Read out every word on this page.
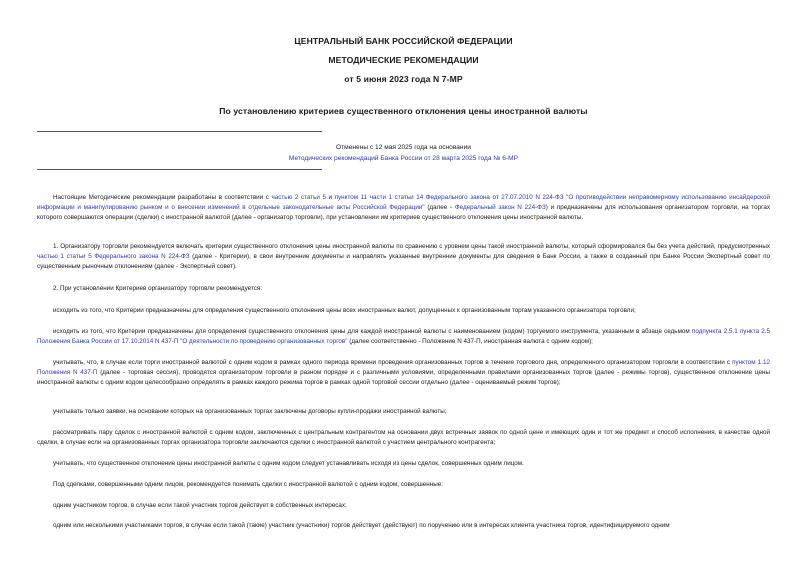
ЦЕНТРАЛЬНЫЙ БАНК РОССИЙСКОЙ ФЕДЕРАЦИИ
МЕТОДИЧЕСКИЕ РЕКОМЕНДАЦИИ
от 5 июня 2023 года N 7-МР
По установлению критериев существенного отклонения цены иностранной валюты
Отменены с 12 мая 2025 года на основании
Методических рекомендаций Банка России от 28 марта 2025 года № 6-МР

Настоящие Методические рекомендации разработаны в соответствии с частью 2 статьи 5 и пунктом 11 части 1 статьи 14 Федерального закона от 27.07.2010 N 224-ФЗ "О противодействии неправомерному использованию инсайдерской информации и манипулированию рынком и о внесении изменений в отдельные законодательные акты Российской Федерации" (далее - Федеральный закон N 224-ФЗ) и предназначены для использования организатором торговли, на торгах которого совершаются операции (сделки) с иностранной валютой (далее - организатор торговли), при установлении им критериев существенного отклонения цены иностранной валюты.

1. Организатору торговли рекомендуется включать критерии существенного отклонения цены иностранной валюты по сравнению с уровнем цены такой иностранной валюты, который сформировался бы без учета действий, предусмотренных частью 1 статьи 5 Федерального закона N 224-ФЗ (далее - Критерии), в свои внутренние документы и направлять указанные внутренние документы для сведения в Банк России, а также в созданный при Банке России Экспертный совет по существенным рыночным отклонениям (далее - Экспертный совет).

2. При установлении Критериев организатору торговли рекомендуется:

исходить из того, что Критерии предназначены для определения существенного отклонения цены всех иностранных валют, допущенных к организованным торгам указанного организатора торговли;

исходить из того, что Критерии предназначены для определения существенного отклонения цены для каждой иностранной валюты с наименованием (кодом) торгуемого инструмента, указанным в абзаце седьмом подпункта 2.5.1 пункта 2.5 Положения Банка России от 17.10.2014 N 437-П "О деятельности по проведению организованных торгов" (далее соответственно - Положение N 437-П, иностранная валюта с одним кодом);

учитывать, что, в случае если торги иностранной валютой с одним кодом в рамках одного периода времени проведения организованных торгов в течение торгового дня, определенного организатором торговли в соответствии с пунктом 1.12 Положения N 437-П (далее - торговая сессия), проводятся организатором торговли в разном порядке и с различными условиями, определенными правилами организованных торгов (далее - режимы торгов), существенное отклонение цены иностранной валюты с одним кодом целесообразно определять в рамках каждого режима торгов в рамках одной торговой сессии отдельно (далее - оцениваемый режим торгов);

учитывать только заявки, на основании которых на организованных торгах заключены договоры купли-продажи иностранной валюты;

рассматривать пару сделок с иностранной валютой с одним кодом, заключенных с центральным контрагентом на основании двух встречных заявок по одной цене и имеющих один и тот же предмет и способ исполнения, в качестве одной сделки, в случае если на организованных торгах организатора торговли заключаются сделки с иностранной валютой с участием центрального контрагента;

учитывать, что существенное отклонение цены иностранной валюты с одним кодом следует устанавливать исходя из цены сделок, совершенных одним лицом.

Под сделками, совершенными одним лицом, рекомендуется понимать сделки с иностранной валютой с одним кодом, совершенные:

одним участником торгов, в случае если такой участник торгов действует в собственных интересах;

одним или несколькими участниками торгов, в случае если такой (такие) участник (участники) торгов действует (действуют) по поручению или в интересах клиента участника торгов, идентифицируемого одним
